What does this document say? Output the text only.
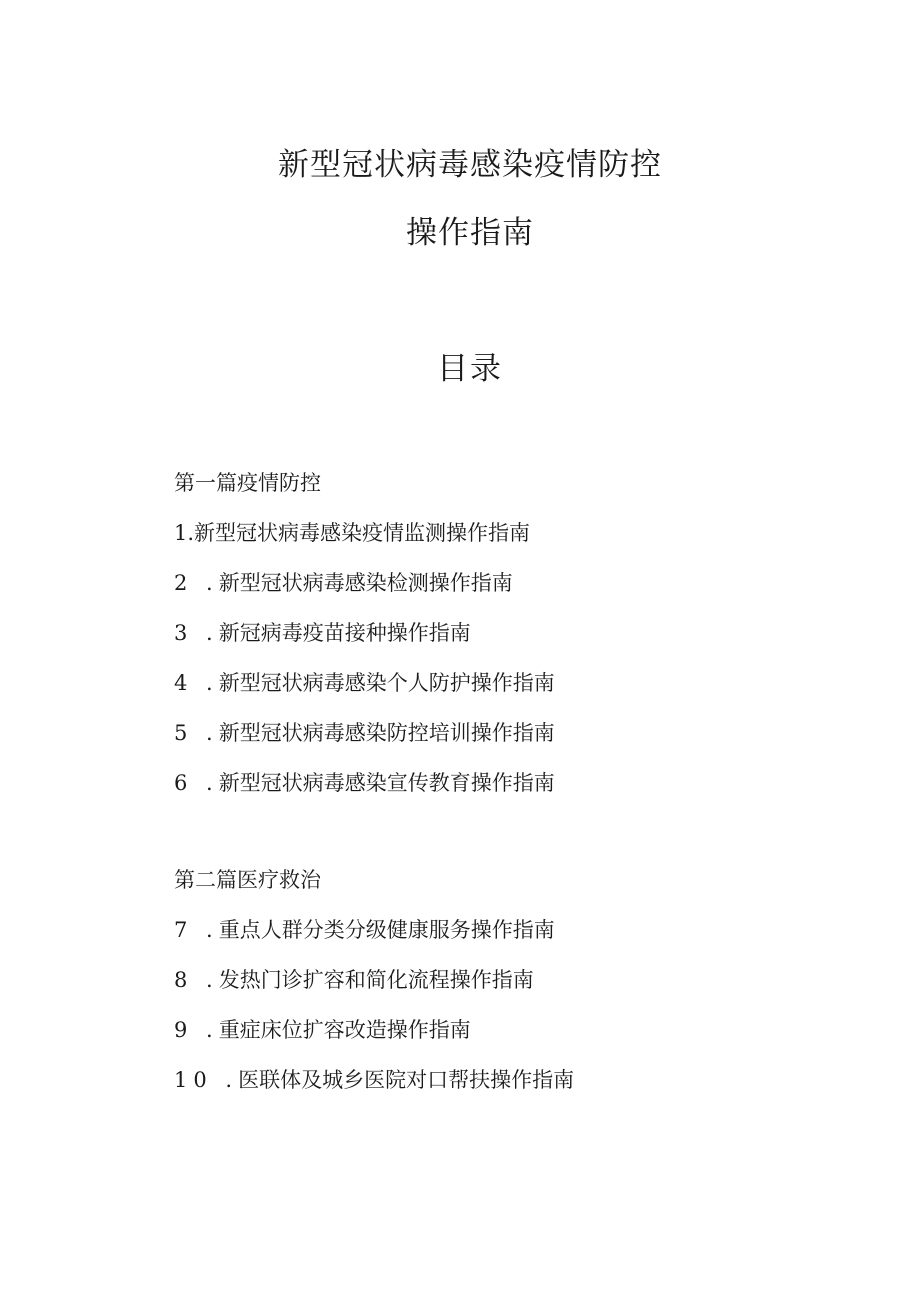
新型冠状病毒感染疫情防控
操作指南
目录
第一篇疫情防控
1.新型冠状病毒感染疫情监测操作指南
2 .新型冠状病毒感染检测操作指南
3 .新冠病毒疫苗接种操作指南
4 .新型冠状病毒感染个人防护操作指南
5 .新型冠状病毒感染防控培训操作指南
6 .新型冠状病毒感染宣传教育操作指南
第二篇医疗救治
7 .重点人群分类分级健康服务操作指南
8 .发热门诊扩容和简化流程操作指南
9 .重症床位扩容改造操作指南
10 .医联体及城乡医院对口帮扶操作指南
